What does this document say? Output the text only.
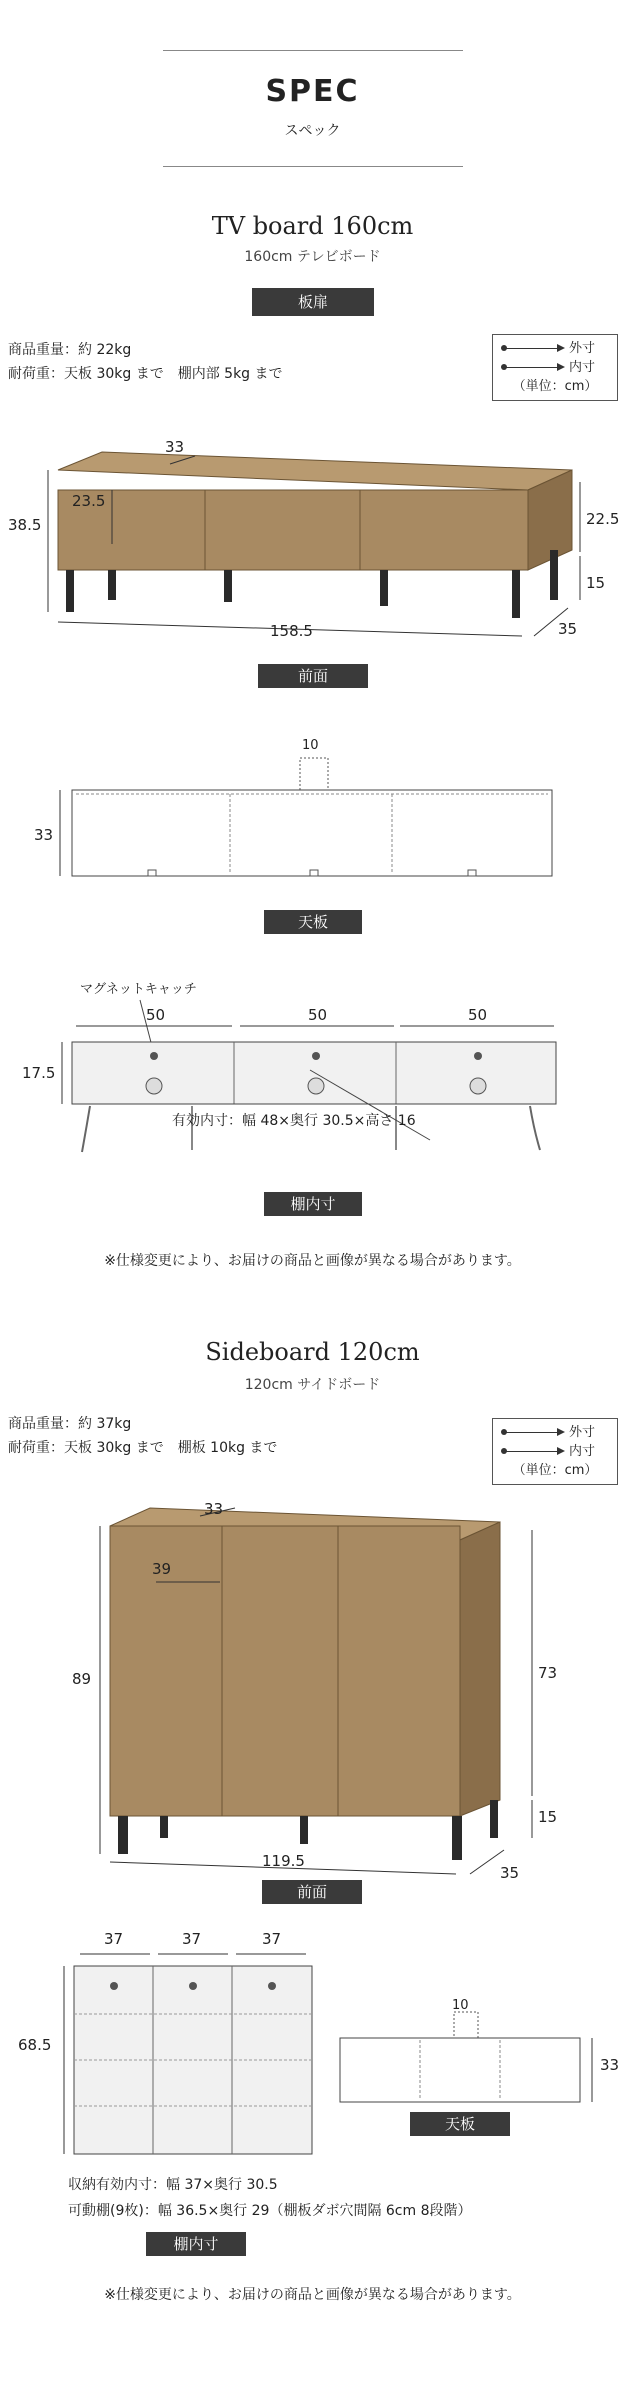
SPEC
スペック
TV board 160cm
160cm テレビボード
板扉
商品重量：約 22kg
耐荷重：天板 30kg まで　棚内部 5kg まで
外寸
内寸
（単位：cm）
33
23.5
38.5	22.5
15
158.5	35
前面
10
33
天板
マグネットキャッチ
50	50	50
17.5
有効内寸：幅 48×奥行 30.5×高さ 16
棚内寸
※仕様変更により、お届けの商品と画像が異なる場合があります。
Sideboard 120cm
120cm サイドボード
商品重量：約 37kg
耐荷重：天板 30kg まで　棚板 10kg まで
外寸
内寸
（単位：cm）
33
39
89	73
15
119.5
35
前面
37	37	37
68.5
10
33
天板
収納有効内寸：幅 37×奥行 30.5
可動棚(9枚)：幅 36.5×奥行 29（棚板ダボ穴間隔 6cm 8段階）
棚内寸
※仕様変更により、お届けの商品と画像が異なる場合があります。
